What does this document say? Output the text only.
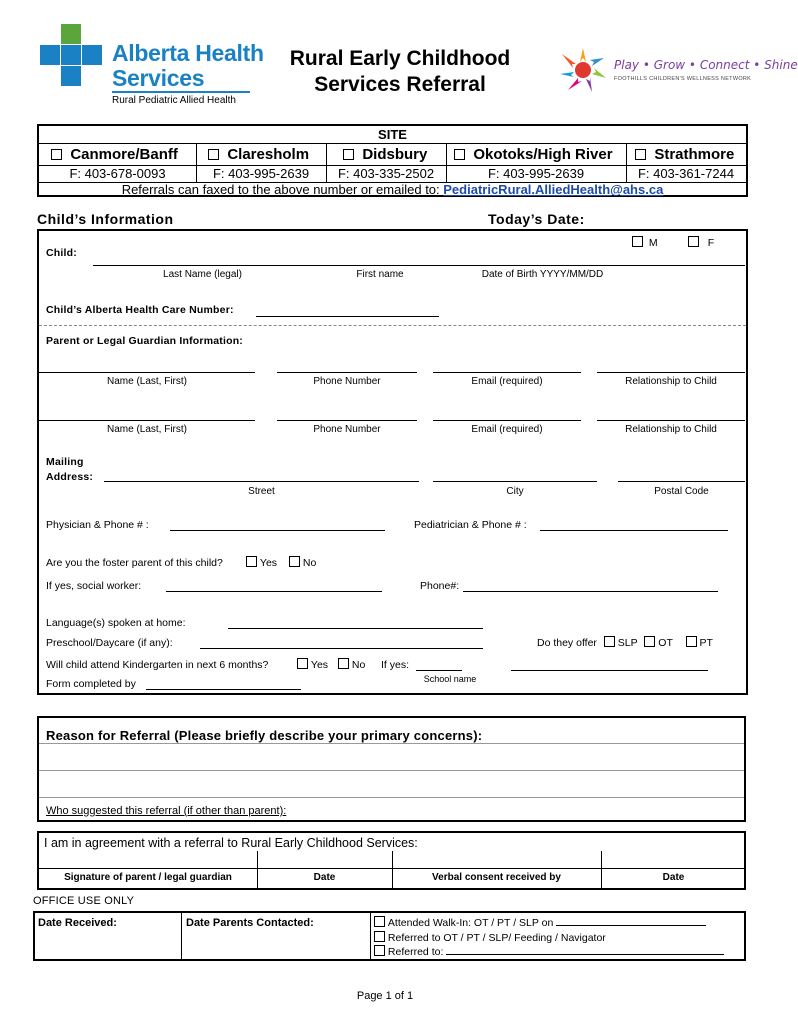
Alberta Health
Services
Rural Pediatric Allied Health
Rural Early Childhood
Services Referral
Play • Grow • Connect • Shine
FOOTHILLS CHILDREN'S WELLNESS NETWORK
SITE
Canmore/Banff	Claresholm	Didsbury	Okotoks/High River	Strathmore
F: 403-678-0093	F: 403-995-2639	F: 403-335-2502	F: 403-995-2639	F: 403-361-7244
Referrals can faxed to the above number or emailed to: PediatricRural.AlliedHealth@ahs.ca
Child’s Information	Today’s Date:
Child:
M	F
Last Name (legal)	First name	Date of Birth YYYY/MM/DD
Child’s Alberta Health Care Number:
Parent or Legal Guardian Information:
Name (Last, First)	Phone Number	Email (required)	Relationship to Child
Name (Last, First)	Phone Number	Email (required)	Relationship to Child
Mailing
Address:
Street	City	Postal Code
Physician & Phone # :	Pediatrician & Phone # :
Are you the foster parent of this child?	Yes	No
If yes, social worker:	Phone#:
Language(s) spoken at home:
Preschool/Daycare (if any):	Do they offer SLP OT	PT
Will child attend Kindergarten in next 6 months?	Yes	No If yes:
School name
Form completed by
Reason for Referral (Please briefly describe your primary concerns):
Who suggested this referral (if other than parent):
I am in agreement with a referral to Rural Early Childhood Services:
Signature of parent / legal guardian	Date	Verbal consent received by	Date
OFFICE USE ONLY
Date Received:	Date Parents Contacted:	Attended Walk-In: OT / PT / SLP on
Referred to OT / PT / SLP/ Feeding / Navigator
Referred to:
Page 1 of 1
